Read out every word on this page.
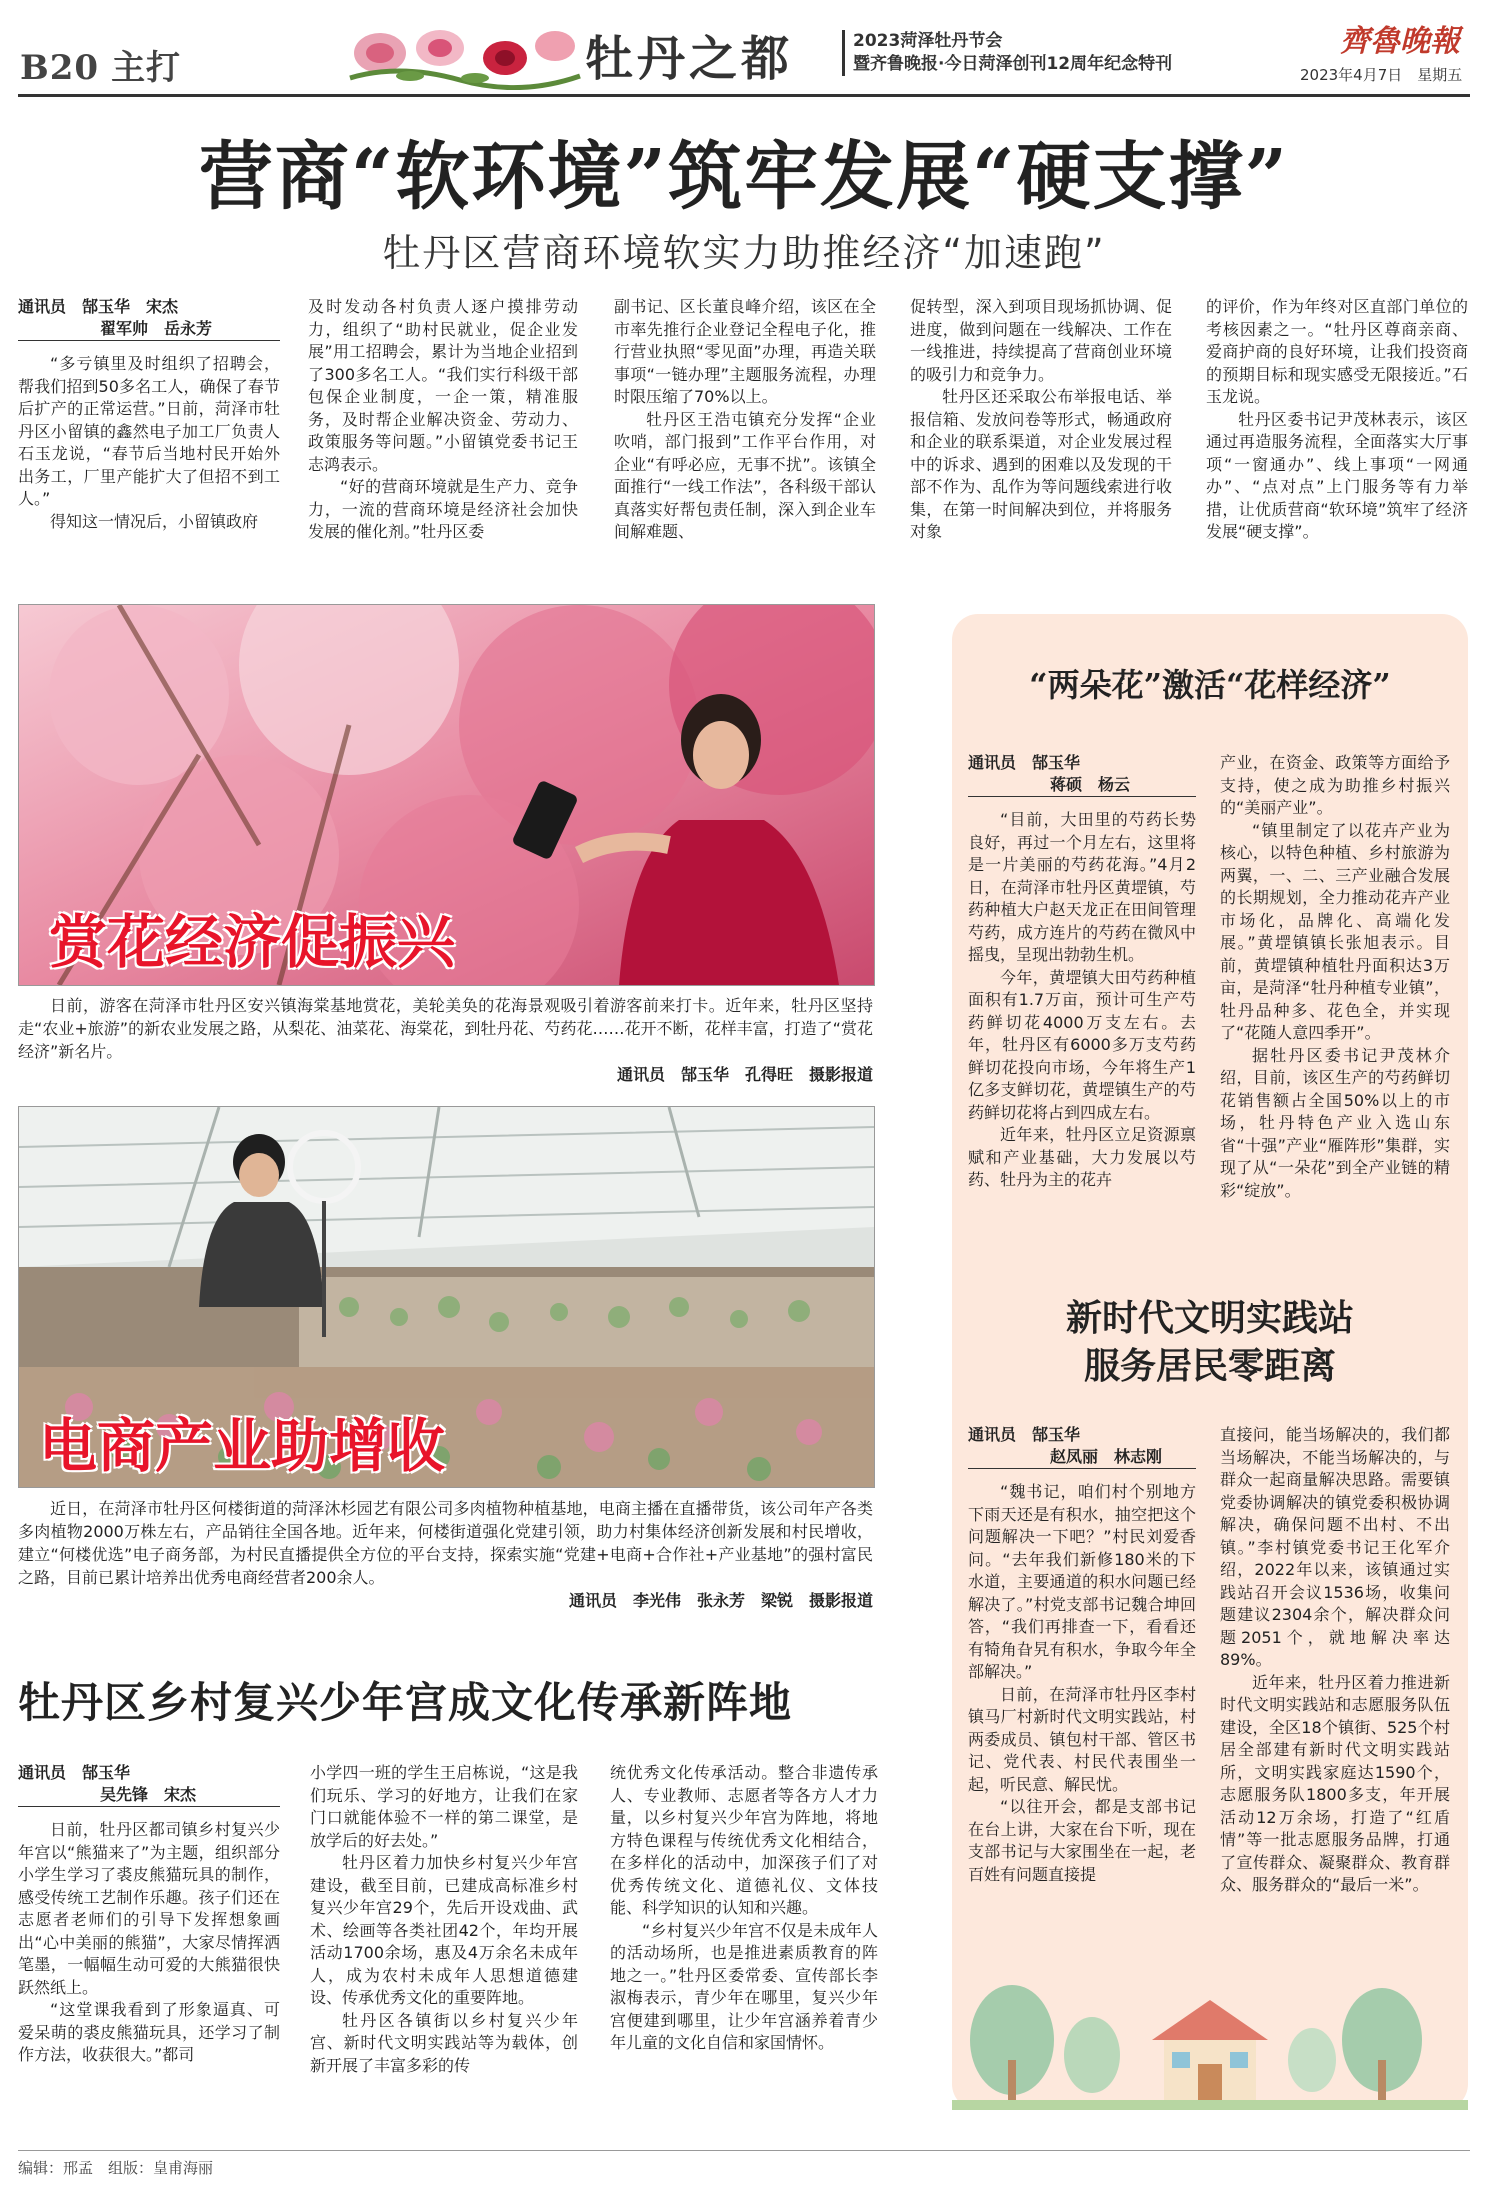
B20 主打	牡丹之都	2023菏泽牡丹节会
暨齐鲁晚报·今日菏泽创刊12周年纪念特刊
齊魯晚報
2023年4月7日　星期五
营商“软环境”筑牢发展“硬支撑”
牡丹区营商环境软实力助推经济“加速跑”
通讯员　郜玉华　宋杰
翟军帅　岳永芳

“多亏镇里及时组织了招聘会，帮我们招到50多名工人，确保了春节后扩产的正常运营。”日前，菏泽市牡丹区小留镇的鑫然电子加工厂负责人石玉龙说，“春节后当地村民开始外出务工，厂里产能扩大了但招不到工人。”

得知这一情况后，小留镇政府

及时发动各村负责人逐户摸排劳动力，组织了“助村民就业，促企业发展”用工招聘会，累计为当地企业招到了300多名工人。“我们实行科级干部包保企业制度，一企一策，精准服务，及时帮企业解决资金、劳动力、政策服务等问题。”小留镇党委书记王志鸿表示。

“好的营商环境就是生产力、竞争力，一流的营商环境是经济社会加快发展的催化剂。”牡丹区委

副书记、区长董良峰介绍，该区在全市率先推行企业登记全程电子化，推行营业执照“零见面”办理，再造关联事项“一链办理”主题服务流程，办理时限压缩了70%以上。

牡丹区王浩屯镇充分发挥“企业吹哨，部门报到”工作平台作用，对企业“有呼必应，无事不扰”。该镇全面推行“一线工作法”，各科级干部认真落实好帮包责任制，深入到企业车间解难题、

促转型，深入到项目现场抓协调、促进度，做到问题在一线解决、工作在一线推进，持续提高了营商创业环境的吸引力和竞争力。

牡丹区还采取公布举报电话、举报信箱、发放问卷等形式，畅通政府和企业的联系渠道，对企业发展过程中的诉求、遇到的困难以及发现的干部不作为、乱作为等问题线索进行收集，在第一时间解决到位，并将服务对象

的评价，作为年终对区直部门单位的考核因素之一。“牡丹区尊商亲商、爱商护商的良好环境，让我们投资商的预期目标和现实感受无限接近。”石玉龙说。

牡丹区委书记尹茂林表示，该区通过再造服务流程，全面落实大厅事项“一窗通办”、线上事项“一网通办”、“点对点”上门服务等有力举措，让优质营商“软环境”筑牢了经济发展“硬支撑”。

赏花经济促振兴

日前，游客在菏泽市牡丹区安兴镇海棠基地赏花，美轮美奂的花海景观吸引着游客前来打卡。近年来，牡丹区坚持走“农业+旅游”的新农业发展之路，从梨花、油菜花、海棠花，到牡丹花、芍药花……花开不断，花样丰富，打造了“赏花经济”新名片。

通讯员　郜玉华　孔得旺　摄影报道
电商产业助增收

近日，在菏泽市牡丹区何楼街道的菏泽沐杉园艺有限公司多肉植物种植基地，电商主播在直播带货，该公司年产各类多肉植物2000万株左右，产品销往全国各地。近年来，何楼街道强化党建引领，助力村集体经济创新发展和村民增收，建立“何楼优选”电子商务部，为村民直播提供全方位的平台支持，探索实施“党建+电商+合作社+产业基地”的强村富民之路，目前已累计培养出优秀电商经营者200余人。

通讯员　李光伟　张永芳　梁锐　摄影报道
牡丹区乡村复兴少年宫成文化传承新阵地
通讯员　郜玉华
吴先锋　宋杰

日前，牡丹区都司镇乡村复兴少年宫以“熊猫来了”为主题，组织部分小学生学习了裘皮熊猫玩具的制作，感受传统工艺制作乐趣。孩子们还在志愿者老师们的引导下发挥想象画出“心中美丽的熊猫”，大家尽情挥洒笔墨，一幅幅生动可爱的大熊猫很快跃然纸上。

“这堂课我看到了形象逼真、可爱呆萌的裘皮熊猫玩具，还学习了制作方法，收获很大。”都司

小学四一班的学生王启栋说，“这是我们玩乐、学习的好地方，让我们在家门口就能体验不一样的第二课堂，是放学后的好去处。”

牡丹区着力加快乡村复兴少年宫建设，截至目前，已建成高标准乡村复兴少年宫29个，先后开设戏曲、武术、绘画等各类社团42个，年均开展活动1700余场，惠及4万余名未成年人，成为农村未成年人思想道德建设、传承优秀文化的重要阵地。

牡丹区各镇街以乡村复兴少年宫、新时代文明实践站等为载体，创新开展了丰富多彩的传

统优秀文化传承活动。整合非遗传承人、专业教师、志愿者等各方人才力量，以乡村复兴少年宫为阵地，将地方特色课程与传统优秀文化相结合，在多样化的活动中，加深孩子们了对优秀传统文化、道德礼仪、文体技能、科学知识的认知和兴趣。

“乡村复兴少年宫不仅是未成年人的活动场所，也是推进素质教育的阵地之一。”牡丹区委常委、宣传部长李淑梅表示，青少年在哪里，复兴少年宫便建到哪里，让少年宫涵养着青少年儿童的文化自信和家国情怀。

“两朵花”激活“花样经济”
通讯员　郜玉华
蒋硕　杨云

“目前，大田里的芍药长势良好，再过一个月左右，这里将是一片美丽的芍药花海。”4月2日，在菏泽市牡丹区黄堽镇，芍药种植大户赵天龙正在田间管理芍药，成方连片的芍药在微风中摇曳，呈现出勃勃生机。

今年，黄堽镇大田芍药种植面积有1.7万亩，预计可生产芍药鲜切花4000万支左右。去年，牡丹区有6000多万支芍药鲜切花投向市场，今年将生产1亿多支鲜切花，黄堽镇生产的芍药鲜切花将占到四成左右。

近年来，牡丹区立足资源禀赋和产业基础，大力发展以芍药、牡丹为主的花卉

产业，在资金、政策等方面给予支持，使之成为助推乡村振兴的“美丽产业”。

“镇里制定了以花卉产业为核心，以特色种植、乡村旅游为两翼，一、二、三产业融合发展的长期规划，全力推动花卉产业市场化，品牌化、高端化发展。”黄堽镇镇长张旭表示。目前，黄堽镇种植牡丹面积达3万亩，是菏泽“牡丹种植专业镇”，牡丹品种多、花色全，并实现了“花随人意四季开”。

据牡丹区委书记尹茂林介绍，目前，该区生产的芍药鲜切花销售额占全国50%以上的市场，牡丹特色产业入选山东省“十强”产业“雁阵形”集群，实现了从“一朵花”到全产业链的精彩“绽放”。

新时代文明实践站
服务居民零距离
通讯员　郜玉华
赵凤丽　林志刚

“魏书记，咱们村个别地方下雨天还是有积水，抽空把这个问题解决一下吧？”村民刘爱香问。“去年我们新修180米的下水道，主要通道的积水问题已经解决了。”村党支部书记魏合坤回答，“我们再排查一下，看看还有犄角旮旯有积水，争取今年全部解决。”

日前，在菏泽市牡丹区李村镇马厂村新时代文明实践站，村两委成员、镇包村干部、管区书记、党代表、村民代表围坐一起，听民意、解民忧。

“以往开会，都是支部书记在台上讲，大家在台下听，现在支部书记与大家围坐在一起，老百姓有问题直接提

直接问，能当场解决的，我们都当场解决，不能当场解决的，与群众一起商量解决思路。需要镇党委协调解决的镇党委积极协调解决，确保问题不出村、不出镇。”李村镇党委书记王化军介绍，2022年以来，该镇通过实践站召开会议1536场，收集问题建议2304余个，解决群众问题2051个，就地解决率达89%。

近年来，牡丹区着力推进新时代文明实践站和志愿服务队伍建设，全区18个镇街、525个村居全部建有新时代文明实践站所，文明实践家庭达1590个，志愿服务队1800多支，年开展活动12万余场，打造了“红盾情”等一批志愿服务品牌，打通了宣传群众、凝聚群众、教育群众、服务群众的“最后一米”。

编辑：邢孟　组版：皇甫海丽
